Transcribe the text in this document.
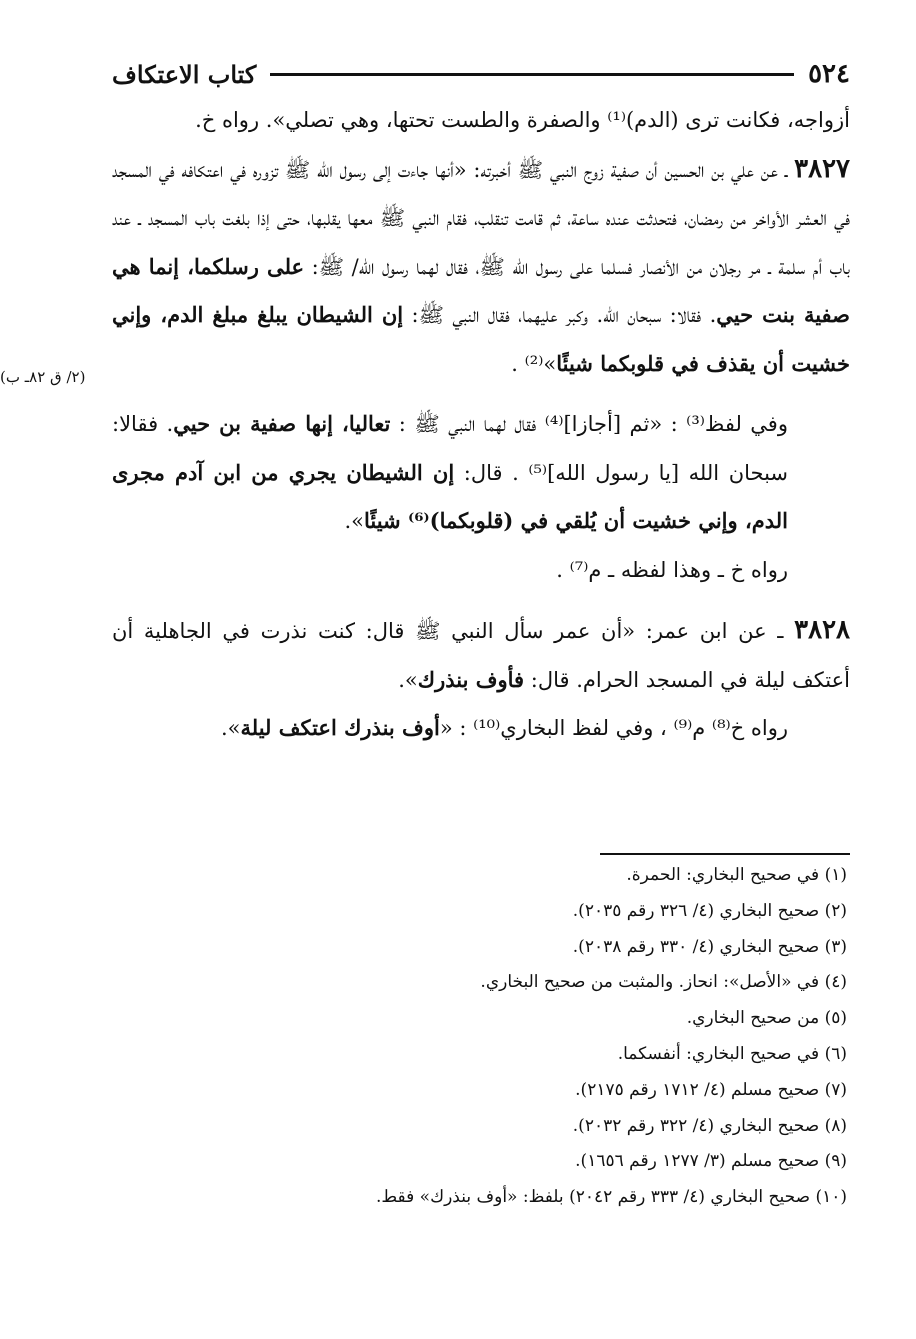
٥٢٤
كتاب الاعتكاف
(٢/ ق ٨٢ـ ب)

أزواجه، فكانت ترى (الدم)⁽¹⁾ والصفرة والطست تحتها، وهي تصلي». رواه خ.

٣٨٢٧ ـ عن علي بن الحسين أن صفية زوج النبي ﷺ أخبرته: «أنها جاءت إلى رسول الله ﷺ تزوره في اعتكافه في المسجد في العشر الأواخر من رمضان، فتحدثت عنده ساعة، ثم قامت تنقلب، فقام النبي ﷺ معها يقلبها، حتى إذا بلغت باب المسجد ـ عند باب أم سلمة ـ مر رجلان من الأنصار فسلما على رسول الله ﷺ، فقال لهما رسول الله/ ﷺ: على رسلكما، إنما هي صفية بنت حيي. فقالا: سبحان الله. وكبر عليهما، فقال النبي ﷺ: إن الشيطان يبلغ مبلغ الدم، وإني خشيت أن يقذف في قلوبكما شيئًا»⁽²⁾ .

وفي لفظ⁽³⁾ : «ثم [أجازا]⁽⁴⁾ فقال لهما النبي ﷺ : تعاليا، إنها صفية بن حيي. فقالا: سبحان الله [يا رسول الله]⁽⁵⁾ . قال: إن الشيطان يجري من ابن آدم مجرى الدم، وإني خشيت أن يُلقي في (قلوبكما)⁽⁶⁾ شيئًا».

رواه خ ـ وهذا لفظه ـ م⁽⁷⁾ .

٣٨٢٨ ـ عن ابن عمر: «أن عمر سأل النبي ﷺ قال: كنت نذرت في الجاهلية أن أعتكف ليلة في المسجد الحرام. قال: فأوف بنذرك».

رواه خ⁽⁸⁾ م⁽⁹⁾ ، وفي لفظ البخاري⁽¹⁰⁾ : «أوف بنذرك اعتكف ليلة».

(١) في صحيح البخاري: الحمرة.
(٢) صحيح البخاري (٤/ ٣٢٦ رقم ٢٠٣٥).
(٣) صحيح البخاري (٤/ ٣٣٠ رقم ٢٠٣٨).
(٤) في «الأصل»: انحاز. والمثبت من صحيح البخاري.
(٥) من صحيح البخاري.
(٦) في صحيح البخاري: أنفسكما.
(٧) صحيح مسلم (٤/ ١٧١٢ رقم ٢١٧٥).
(٨) صحيح البخاري (٤/ ٣٢٢ رقم ٢٠٣٢).
(٩) صحيح مسلم (٣/ ١٢٧٧ رقم ١٦٥٦).
(١٠) صحيح البخاري (٤/ ٣٣٣ رقم ٢٠٤٢) بلفظ: «أوف بنذرك» فقط.
